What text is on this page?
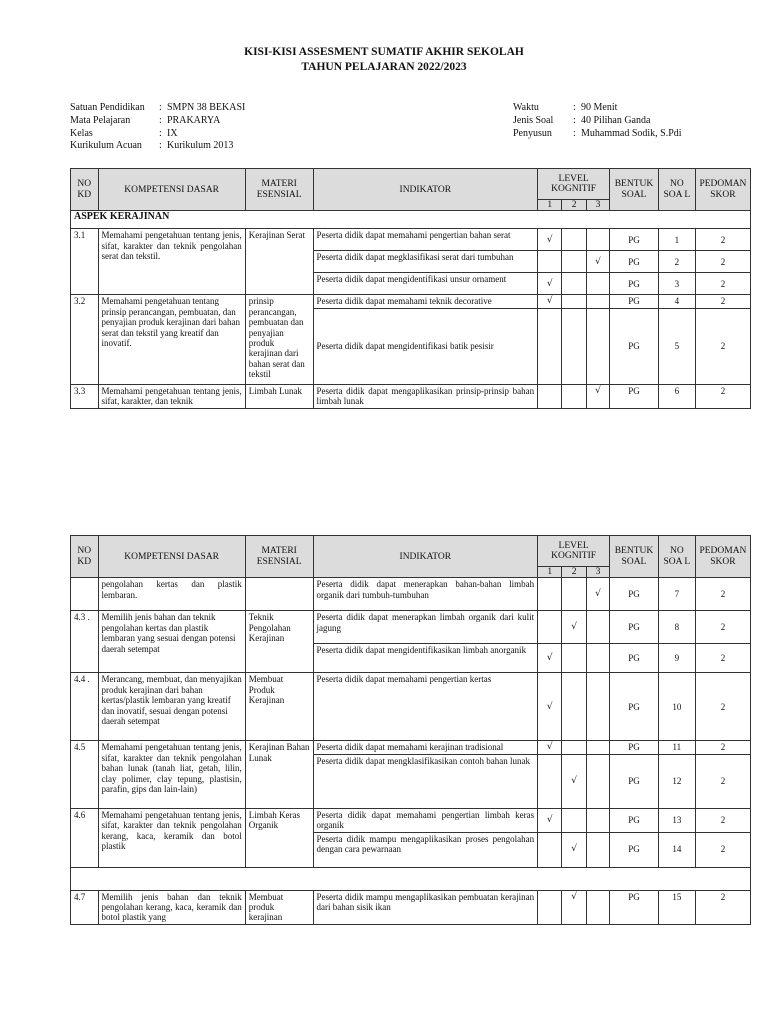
KISI-KISI ASSESMENT SUMATIF AKHIR SEKOLAH
TAHUN PELAJARAN 2022/2023
Satuan Pendidikan	: SMPN 38 BEKASI
Mata Pelajaran	: PRAKARYA
Kelas	: IX
Kurikulum Acuan	: Kurikulum 2013
Waktu	: 90 Menit
Jenis Soal	: 40 Pilihan Ganda
Penyusun	: Muhammad Sodik, S.Pdi
NO KD	KOMPETENSI DASAR	MATERI ESENSIAL	INDIKATOR	LEVEL KOGNITIF			BENTUK SOAL	NO SOA L	PEDOMAN SKOR
				1	2	3			
ASPEK KERAJINAN									
3.1	Memahami pengetahuan tentang jenis, sifat, karakter dan teknik pengolahan serat dan tekstil.	Kerajinan Serat	Peserta didik dapat memahami pengertian bahan serat	√			PG	1	2
			Peserta didik dapat megklasifikasi serat dari tumbuhan			√	PG	2	2
			Peserta didik dapat mengidentifikasi unsur ornament	√			PG	3	2
3.2	Memahami pengetahuan tentang prinsip perancangan, pembuatan, dan penyajian produk kerajinan dari bahan serat dan tekstil yang kreatif dan inovatif.	prinsip perancangan, pembuatan dan penyajian produk kerajinan dari bahan serat dan tekstil	Peserta didik dapat memahami teknik decorative	√			PG	4	2
			Peserta didik dapat mengidentifikasi batik pesisir				PG	5	2
3.3	Memahami pengetahuan tentang jenis, sifat, karakter, dan teknik	Limbah Lunak	Peserta didik dapat mengaplikasikan prinsip-prinsip bahan limbah lunak			√	PG	6	2
NO KD	KOMPETENSI DASAR	MATERI ESENSIAL	INDIKATOR	LEVEL KOGNITIF			BENTUK SOAL	NO SOA L	PEDOMAN SKOR
				1	2	3			
	pengolahan kertas dan plastik lembaran.		Peserta didik dapat menerapkan bahan-bahan limbah organik dari tumbuh-tumbuhan			√	PG	7	2
4.3 .	Memilih jenis bahan dan teknik pengolahan kertas dan plastik lembaran yang sesuai dengan potensi daerah setempat	Teknik Pengolahan Kerajinan	Peserta didik dapat menerapkan limbah organik dari kulit jagung		√		PG	8	2
			Peserta didik dapat mengidentifikasikan limbah anorganik	√			PG	9	2
4.4 .	Merancang, membuat, dan menyajikan produk kerajinan dari bahan kertas/plastik lembaran yang kreatif dan inovatif, sesuai dengan potensi daerah setempat	Membuat Produk Kerajinan	Peserta didik dapat memahami pengertian kertas	√			PG	10	2
4.5	Memahami pengetahuan tentang jenis, sifat, karakter dan teknik pengolahan bahan lunak (tanah liat, getah, lilin, clay polimer, clay tepung, plastisin, parafin, gips dan lain-lain)	Kerajinan Bahan Lunak	Peserta didik dapat memahami kerajinan tradisional	√			PG	11	2
			Peserta didik dapat mengklasifikasikan contoh bahan lunak		√		PG	12	2
4.6	Memahami pengetahuan tentang jenis, sifat, karakter dan teknik pengolahan kerang, kaca, keramik dan botol plastik	Limbah Keras Organik	Peserta didik dapat memahami pengertian limbah keras organik	√			PG	13	2
			Peserta didik mampu mengaplikasikan proses pengolahan dengan cara pewarnaan		√		PG	14	2

4.7	Memilih jenis bahan dan teknik pengolahan kerang, kaca, keramik dan botol plastik yang	Membuat produk kerajinan	Peserta didik mampu mengaplikasikan pembuatan kerajinan dari bahan sisik ikan		√		PG	15	2
